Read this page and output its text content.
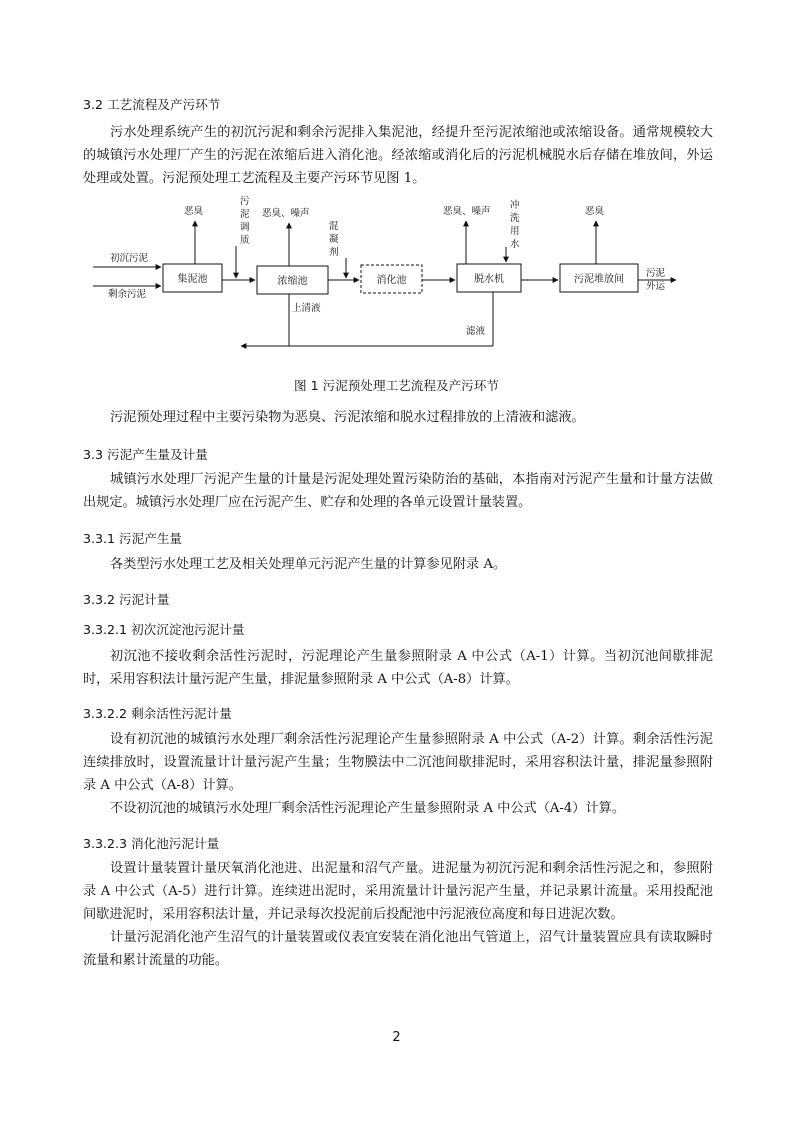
3.2 工艺流程及产污环节

污水处理系统产生的初沉污泥和剩余污泥排入集泥池，经提升至污泥浓缩池或浓缩设备。通常规模较大的城镇污水处理厂产生的污泥在浓缩后进入消化池。经浓缩或消化后的污泥机械脱水后存储在堆放间，外运处理或处置。污泥预处理工艺流程及主要产污环节见图 1。

初沉污泥
剩余污泥
集泥池	浓缩池	消化池	脱水机	污泥堆放间
污泥 外运
恶臭	恶臭、噪声	恶臭、噪声	恶臭
污泥调质
混凝剂
冲洗用水
上清液
滤液
图 1 污泥预处理工艺流程及产污环节

污泥预处理过程中主要污染物为恶臭、污泥浓缩和脱水过程排放的上清液和滤液。

3.3 污泥产生量及计量

城镇污水处理厂污泥产生量的计量是污泥处理处置污染防治的基础，本指南对污泥产生量和计量方法做出规定。城镇污水处理厂应在污泥产生、贮存和处理的各单元设置计量装置。

3.3.1 污泥产生量

各类型污水处理工艺及相关处理单元污泥产生量的计算参见附录 A。

3.3.2 污泥计量
3.3.2.1 初次沉淀池污泥计量

初沉池不接收剩余活性污泥时，污泥理论产生量参照附录 A 中公式（A-1）计算。当初沉池间歇排泥时，采用容积法计量污泥产生量，排泥量参照附录 A 中公式（A-8）计算。

3.3.2.2 剩余活性污泥计量

设有初沉池的城镇污水处理厂剩余活性污泥理论产生量参照附录 A 中公式（A-2）计算。剩余活性污泥连续排放时，设置流量计计量污泥产生量；生物膜法中二沉池间歇排泥时，采用容积法计量，排泥量参照附录 A 中公式（A-8）计算。

不设初沉池的城镇污水处理厂剩余活性污泥理论产生量参照附录 A 中公式（A-4）计算。

3.3.2.3 消化池污泥计量

设置计量装置计量厌氧消化池进、出泥量和沼气产量。进泥量为初沉污泥和剩余活性污泥之和，参照附录 A 中公式（A-5）进行计算。连续进出泥时，采用流量计计量污泥产生量，并记录累计流量。采用投配池间歇进泥时，采用容积法计量，并记录每次投泥前后投配池中污泥液位高度和每日进泥次数。

计量污泥消化池产生沼气的计量装置或仪表宜安装在消化池出气管道上，沼气计量装置应具有读取瞬时流量和累计流量的功能。

2
